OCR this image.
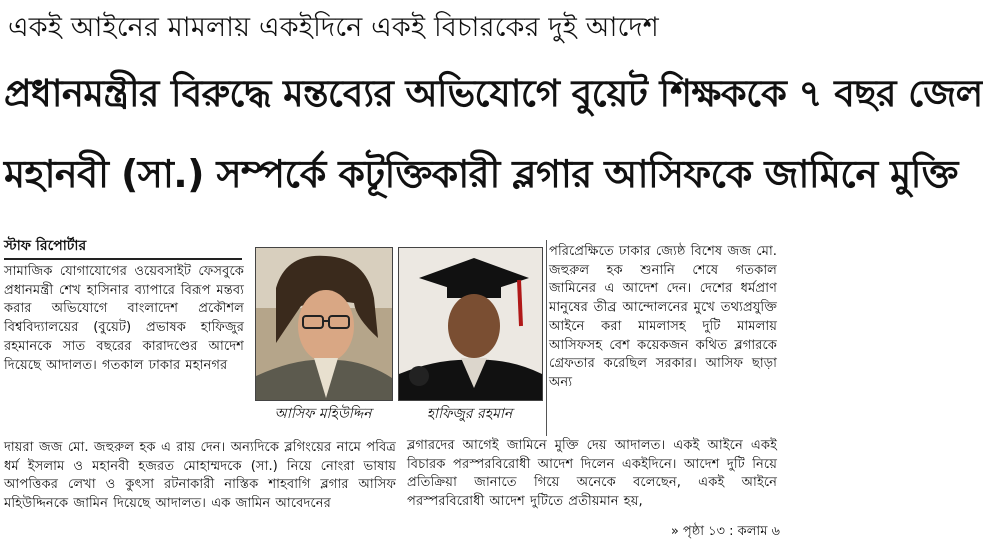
একই আইনের মামলায় একইদিনে একই বিচারকের দুই আদেশ
প্রধানমন্ত্রীর বিরুদ্ধে মন্তব্যের অভিযোগে বুয়েট শিক্ষককে ৭ বছর জেল
মহানবী (সা.) সম্পর্কে কটূক্তিকারী ব্লগার আসিফকে জামিনে মুক্তি
স্টাফ রিপোর্টার
সামাজিক যোগাযোগের ওয়েবসাইট ফেসবুকে প্রধানমন্ত্রী শেখ হাসিনার ব্যাপারে বিরূপ মন্তব্য করার অভিযোগে বাংলাদেশ প্রকৌশল বিশ্ববিদ্যালয়ের (বুয়েট) প্রভাষক হাফিজুর রহমানকে সাত বছরের কারাদণ্ডের আদেশ দিয়েছে আদালত। গতকাল ঢাকার মহানগর
আসিফ মহিউদ্দিন	হাফিজুর রহমান
পরিপ্রেক্ষিতে ঢাকার জ্যেষ্ঠ বিশেষ জজ মো. জহুরুল হক শুনানি শেষে গতকাল জামিনের এ আদেশ দেন। দেশের ধর্মপ্রাণ মানুষের তীব্র আন্দোলনের মুখে তথ্যপ্রযুক্তি আইনে করা মামলাসহ দুটি মামলায় আসিফসহ বেশ কয়েকজন কথিত ব্লগারকে গ্রেফতার করেছিল সরকার। আসিফ ছাড়া অন্য
দায়রা জজ মো. জহুরুল হক এ রায় দেন। অন্যদিকে ব্লগিংয়ের নামে পবিত্র ধর্ম ইসলাম ও মহানবী হজরত মোহাম্মদকে (সা.) নিয়ে নোংরা ভাষায় আপত্তিকর লেখা ও কুৎসা রটনাকারী নাস্তিক শাহবাগি ব্লগার আসিফ মহিউদ্দিনকে জামিন দিয়েছে আদালত। এক জামিন আবেদনের
ব্লগারদের আগেই জামিনে মুক্তি দেয় আদালত। একই আইনে একই বিচারক পরস্পরবিরোধী আদেশ দিলেন একইদিনে। আদেশ দুটি নিয়ে প্রতিক্রিয়া জানাতে গিয়ে অনেকে বলেছেন, একই আইনে পরস্পরবিরোধী আদেশ দুটিতে প্রতীয়মান হয়,
» পৃষ্ঠা ১৩ : কলাম ৬
